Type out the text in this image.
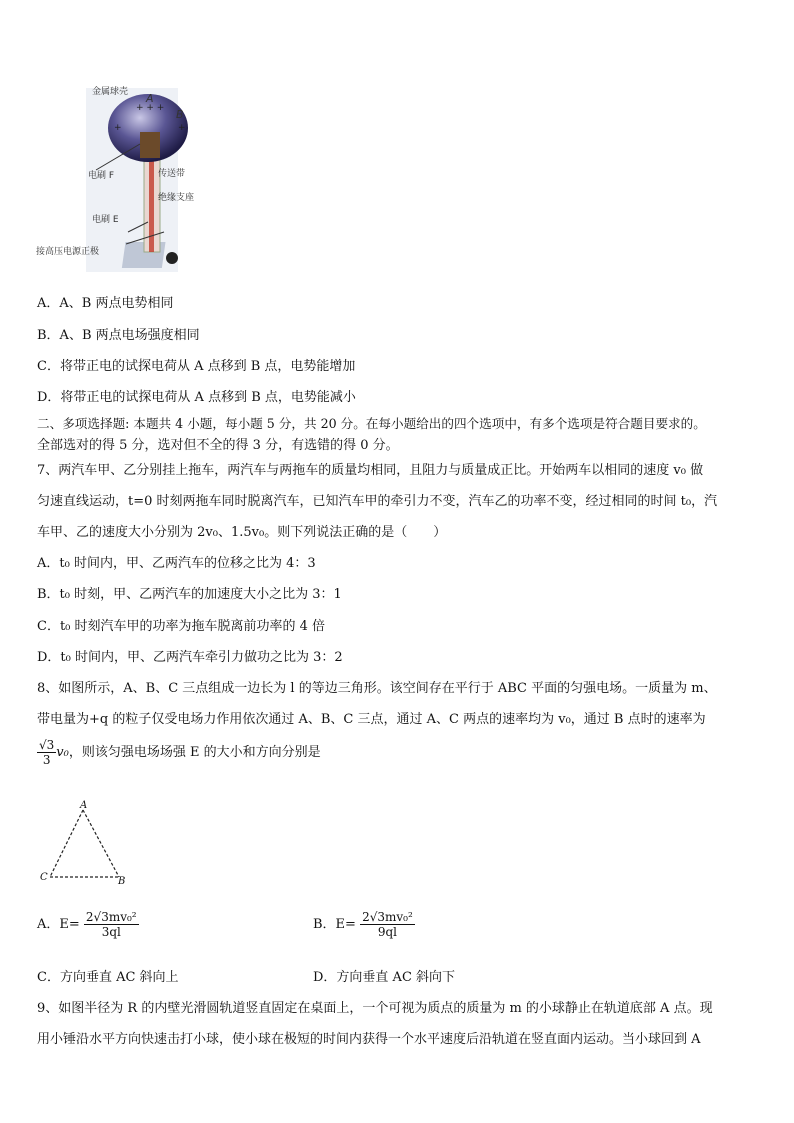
+ + +
+	+
金属球壳 A
B
电刷 F	传送带
绝缘支座
电刷 E
接高压电源正极
A．A、B 两点电势相同
B．A、B 两点电场强度相同
C．将带正电的试探电荷从 A 点移到 B 点，电势能增加
D．将带正电的试探电荷从 A 点移到 B 点，电势能减小
二、多项选择题: 本题共 4 小题，每小题 5 分，共 20 分。在每小题给出的四个选项中，有多个选项是符合题目要求的。
全部选对的得 5 分，选对但不全的得 3 分，有选错的得 0 分。
7、两汽车甲、乙分别挂上拖车，两汽车与两拖车的质量均相同，且阻力与质量成正比。开始两车以相同的速度 v₀ 做
匀速直线运动，t=0 时刻两拖车同时脱离汽车，已知汽车甲的牵引力不变，汽车乙的功率不变，经过相同的时间 t₀，汽
车甲、乙的速度大小分别为 2v₀、1.5v₀。则下列说法正确的是（　　）
A．t₀ 时间内，甲、乙两汽车的位移之比为 4：3
B．t₀ 时刻，甲、乙两汽车的加速度大小之比为 3：1
C．t₀ 时刻汽车甲的功率为拖车脱离前功率的 4 倍
D．t₀ 时间内，甲、乙两汽车牵引力做功之比为 3：2
8、如图所示，A、B、C 三点组成一边长为 l 的等边三角形。该空间存在平行于 ABC 平面的匀强电场。一质量为 m、
带电量为+q 的粒子仅受电场力作用依次通过 A、B、C 三点，通过 A、C 两点的速率均为 v₀，通过 B 点时的速率为
$\frac{√3}{3} v_0$，则该匀强电场场强 E 的大小和方向分别是
A
C	B
A．$E= \frac{\text{2√3mv₀²}}{3ql}$	B．$E= \frac{\text{2√3mv₀²}}{9ql}$
C．方向垂直 AC 斜向上	D．方向垂直 AC 斜向下
9、如图半径为 R 的内壁光滑圆轨道竖直固定在桌面上，一个可视为质点的质量为 m 的小球静止在轨道底部 A 点。现
用小锤沿水平方向快速击打小球，使小球在极短的时间内获得一个水平速度后沿轨道在竖直面内运动。当小球回到 A
